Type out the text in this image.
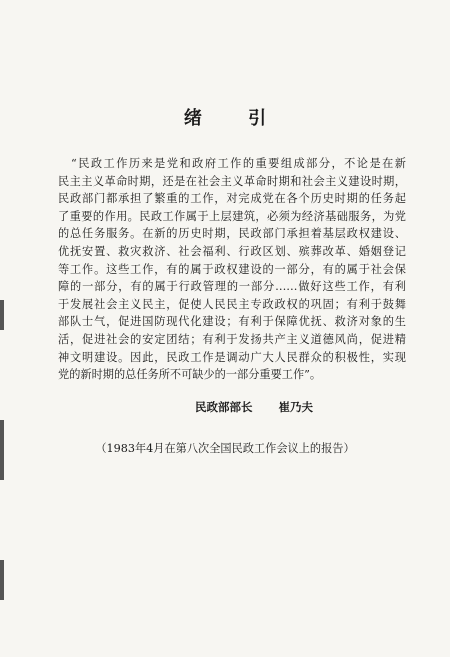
绪 引
“民政工作历来是党和政府工作的重要组成部分，不论是在新
民主主义革命时期，还是在社会主义革命时期和社会主义建设时期，
民政部门都承担了繁重的工作，对完成党在各个历史时期的任务起
了重要的作用。民政工作属于上层建筑，必须为经济基础服务，为党
的总任务服务。在新的历史时期，民政部门承担着基层政权建设、
优抚安置、救灾救济、社会福利、行政区划、殡葬改革、婚姻登记
等工作。这些工作，有的属于政权建设的一部分，有的属于社会保
障的一部分，有的属于行政管理的一部分……做好这些工作，有利
于发展社会主义民主，促使人民民主专政政权的巩固；有利于鼓舞
部队士气，促进国防现代化建设；有利于保障优抚、救济对象的生
活，促进社会的安定团结；有利于发扬共产主义道德风尚，促进精
神文明建设。因此，民政工作是调动广大人民群众的积极性，实现
党的新时期的总任务所不可缺少的一部分重要工作”。
民政部部长 崔乃夫
（1983年4月在第八次全国民政工作会议上的报告）
